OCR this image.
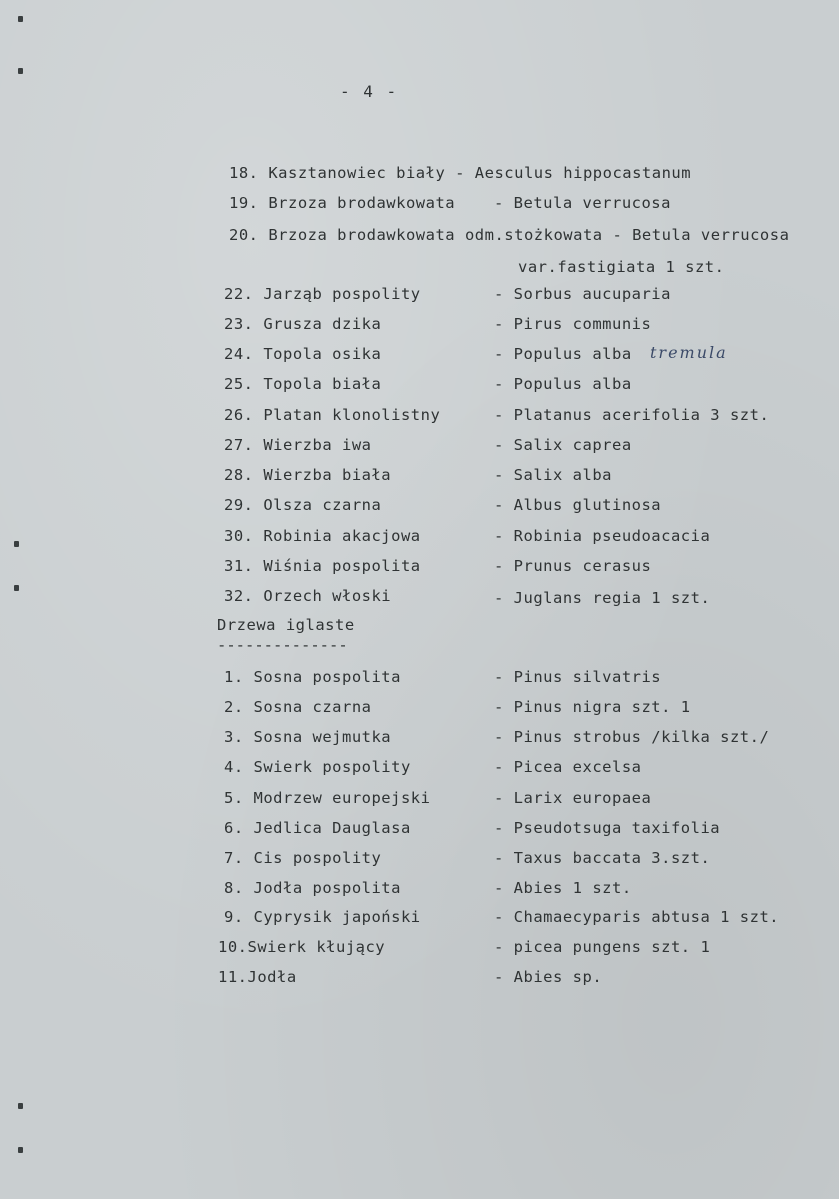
- 4 -
18. Kasztanowiec biały - Aesculus hippocastanum
19. Brzoza brodawkowata	- Betula verrucosa
20. Brzoza brodawkowata odm.stożkowata - Betula verrucosa
var.fastigiata 1 szt.
22. Jarząb pospolity	- Sorbus aucuparia
23. Grusza dzika	- Pirus communis
24. Topola osika	- Populus alba tremula
25. Topola biała	- Populus alba
26. Platan klonolistny	- Platanus acerifolia 3 szt.
27. Wierzba iwa	- Salix caprea
28. Wierzba biała	- Salix alba
29. Olsza czarna	- Albus glutinosa
30. Robinia akacjowa	- Robinia pseudoacacia
31. Wiśnia pospolita	- Prunus cerasus
32. Orzech włoski	- Juglans regia 1 szt.
Drzewa iglaste
--------------
1. Sosna pospolita	- Pinus silvatris
2. Sosna czarna	- Pinus nigra szt. 1
3. Sosna wejmutka	- Pinus strobus /kilka szt./
4. Swierk pospolity	- Picea excelsa
5. Modrzew europejski	- Larix europaea
6. Jedlica Dauglasa	- Pseudotsuga taxifolia
7. Cis pospolity	- Taxus baccata 3.szt.
8. Jodła pospolita	- Abies 1 szt.
9. Cyprysik japoński	- Chamaecyparis abtusa 1 szt.
10.Swierk kłujący	- picea pungens szt. 1
11.Jodła	- Abies sp.
